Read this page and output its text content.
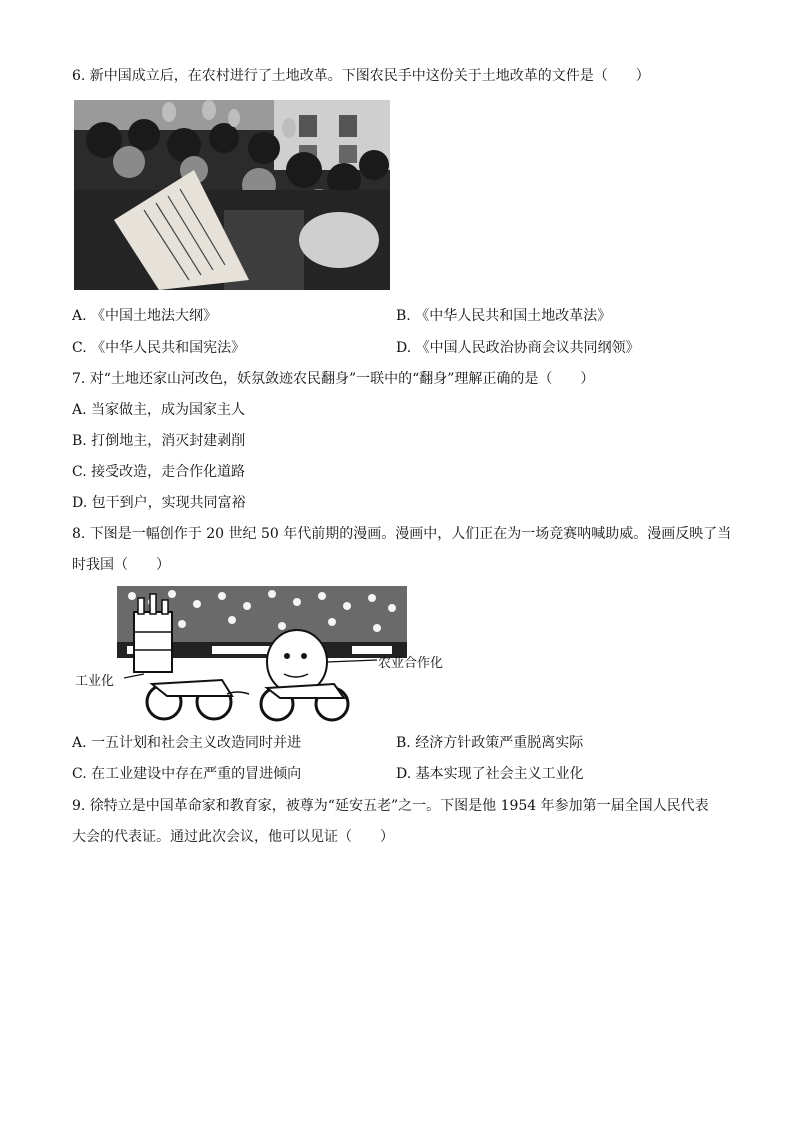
6. 新中国成立后，在农村进行了土地改革。下图农民手中这份关于土地改革的文件是（　　）
A. 《中国土地法大纲》	B. 《中华人民共和国土地改革法》
C. 《中华人民共和国宪法》	D. 《中国人民政治协商会议共同纲领》
7. 对“土地还家山河改色，妖氛敛迹农民翻身”一联中的“翻身”理解正确的是（　　）
A. 当家做主，成为国家主人
B. 打倒地主，消灭封建剥削
C. 接受改造，走合作化道路
D. 包干到户，实现共同富裕
8. 下图是一幅创作于 20 世纪 50 年代前期的漫画。漫画中，人们正在为一场竞赛呐喊助威。漫画反映了当
时我国（　　）
工业化
农业合作化
A. 一五计划和社会主义改造同时并进	B. 经济方针政策严重脱离实际
C. 在工业建设中存在严重的冒进倾向	D. 基本实现了社会主义工业化
9. 徐特立是中国革命家和教育家，被尊为“延安五老”之一。下图是他 1954 年参加第一届全国人民代表
大会的代表证。通过此次会议，他可以见证（　　）
